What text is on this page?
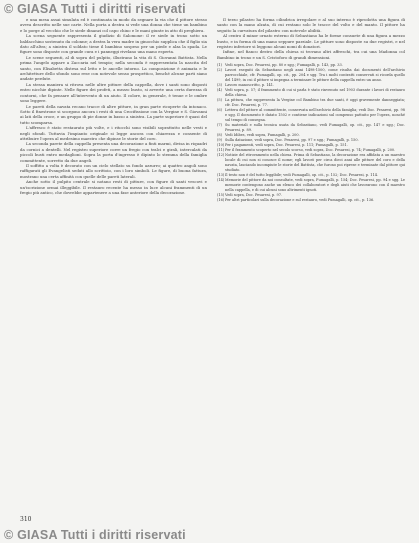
© GIASA Tutti i diritti riservati

e una mesa assai simulata ed è continuata in modo da segnare la via che il pittore stesso aveva descritto nelle sue carte. Nella porta a destra si vede una donna che tiene un bambino e lo porge al vecchio che le siede dinanzi col capo chino e le mani giunte in atto di preghiera.

La scena seguente rappresenta il giudizio di Salomone: il re siede in trono sotto un baldacchino sostenuto da colonne; a destra la vera madre in ginocchio supplica che il figlio sia dato all'altra; a sinistra il soldato tiene il bambino sospeso per un piede e alza la spada. Le figure sono disposte con grande cura e i panneggi rivelano una mano esperta.

Le scene seguenti, al di sopra del pulpito, illustrano la vita di S. Giovanni Battista. Nella prima l'angelo appare a Zaccaria nel tempio; nella seconda è rappresentata la nascita del santo, con Elisabetta distesa sul letto e le ancelle intorno. La composizione è animata e le architetture dello sfondo sono rese con notevole senso prospettico, benché alcune parti siano andate perdute.

La stessa maniera si ritrova nelle altre pitture della cappella, dove i santi sono disposti entro nicchie dipinte. Nelle figure dei profeti, a mezzo busto, si avverte una certa durezza di contorni, che fa pensare all'intervento di un aiuto. Il colore, in generale, è tenue e le ombre sono leggere.

Le pareti della navata recano tracce di altre pitture, in gran parte ricoperte da intonaco. Sotto il finestrone si scorgono ancora i resti di una Crocifissione con la Vergine e S. Giovanni ai lati della croce, e un gruppo di pie donne in basso a sinistra. La parte superiore è quasi del tutto scomparsa.

L'affresco è stato restaurato più volte, e i ritocchi sono visibili soprattutto nelle vesti e negli sfondi. Tuttavia l'impianto originale si legge ancora con chiarezza e consente di attribuire l'opera al medesimo maestro che dipinse le storie del coro.

La seconda parete della cappella presenta una decorazione a finti marmi, divisa in riquadri da cornici a dentelli. Nel registro superiore corre un fregio con tralci e girali, intercalati da piccoli busti entro medaglioni. Sopra la porta d'ingresso è dipinto lo stemma della famiglia committente, sorretto da due angeli.

Il soffitto a volta è decorato con un cielo stellato su fondo azzurro; ai quattro angoli sono raffigurati gli Evangelisti seduti allo scrittoio, con i loro simboli. Le figure, di buona fattura, mostrano una certa affinità con quelle delle pareti laterali.

Anche sotto il pulpito centrale si notano resti di pitture, con figure di santi vescovi e un'iscrizione ormai illeggibile. Il restauro recente ha messo in luce alcuni frammenti di un fregio più antico, che dovrebbe appartenere a una fase anteriore della decorazione.

Il terzo pilastro ha forma cilindrica irregolare e al suo interno è riprodotta una figura di santo con la mano alzata, di cui restano solo le tracce del volto e del manto. Il pittore ha seguito la curvatura del pilastro con notevole abilità.

Al centro il minor ornato esterno di Sebastiano ha le forme consuete di una figura a mezzo busto, e in forma di una mano seppure parziale. Le pitture sono disposte su due registri, e nel registro inferiore si leggono alcuni nomi di donatori.

Infine, nel fianco destro della chiesa si trovano altri affreschi, tra cui una Madonna col Bambino in trono e un S. Cristoforo di grandi dimensioni.

(1) Vedi sopra, Doc. Pesaresi, pp. 80 e sgg.; Fumagalli, p. 143, pp. 33.
(2) Lavori eseguiti da Sebastiano negli anni 1498-1500, come risulta dai documenti dell'archivio parrocchiale, cfr. Fumagalli, op. cit., pp. 204 e sgg. Tra i molti contratti conservati si ricorda quello del 1499, in cui il pittore si impegna a terminare le pitture della cappella entro un anno.
(3) Lavoro manoscritto, p. 141.
(4) Vedi sopra, p. 57; il frammento di cui si parla è stato rinvenuto nel 1903 durante i lavori di restauro della chiesa.
(5) La pittura, che rappresenta la Vergine col Bambino tra due santi, è oggi gravemente danneggiata; cfr. Doc. Pesaresi, p. 77.
(6) Lettera del pittore al committente, conservata nell'archivio della famiglia; vedi Doc. Pesaresi, pp. 98 e sgg. Il documento è datato 1502 e contiene indicazioni sul compenso pattuito per l'opera, nonché sul tempo di consegna.
(7) Su materiali e sulla tecnica usata da Sebastiano, vedi Fumagalli, op. cit., pp. 147 e sgg.; Doc. Pesaresi, p. 89.
(8) Vedi Idibes, vedi sopra, Fumagalli, p. 200.
(9) Sulla datazione, vedi sopra, Doc. Pesaresi, pp. 97 e sgg.; Fumagalli, p. 150.
(10) Per i pagamenti, vedi sopra, Doc. Pesaresi, p. 111; Fumagalli, p. 151.
(11) Per il frammento scoperto nel secolo scorso, vedi sopra, Doc. Pesaresi, p. 74; Fumagalli, p. 200.
(12) Notizie del ritrovamento nella chiesa. Prima di Sebastiano, la decorazione era affidata a un maestro locale di cui non si conosce il nome; egli lavorò per circa dieci anni alle pitture del coro e della navata, lasciando incompiute le storie del Battista, che furono poi riprese e terminate dal pittore qui studiato.
(13) Il testo non è del tutto leggibile; vedi Fumagalli, op. cit., p. 152; Doc. Pesaresi, p. 114.
(14) Memorie del pittore da noi consultate, vedi sopra, Fumagalli, p. 154; Doc. Pesaresi, pp. 94 e sgg. Le memorie contengono anche un elenco dei collaboratori e degli aiuti che lavorarono con il maestro nella cappella, e di cui alcuni sono altrimenti ignoti.
(15) Vedi sopra, Doc. Pesaresi, p. 97.
(16) Per altri particolari sulla decorazione e sul restauro, vedi Fumagalli, op. cit., p. 136.
310
© GIASA Tutti i diritti riservati
